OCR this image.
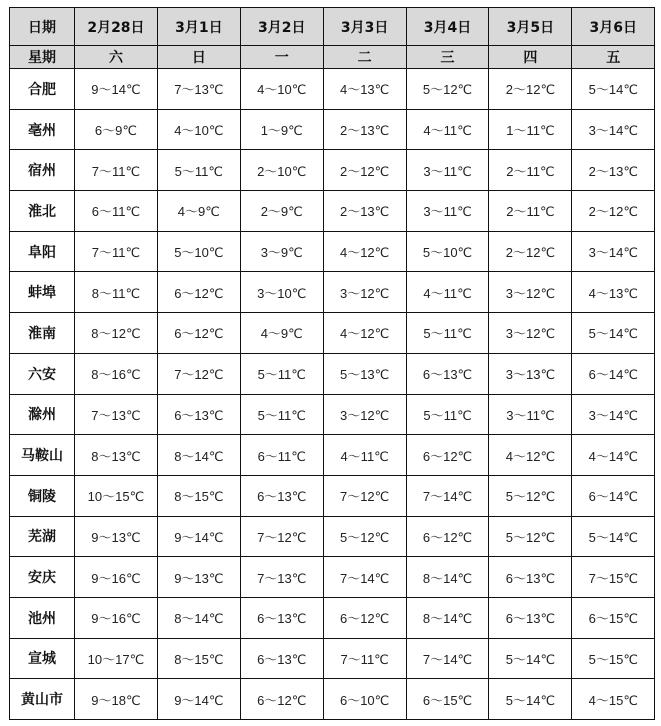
日期	2月28日	3月1日	3月2日	3月3日	3月4日	3月5日	3月6日
星期	六	日	一	二	三	四	五
合肥	9～14℃	7～13℃	4～10℃	4～13℃	5～12℃	2～12℃	5～14℃
亳州	6～9℃	4～10℃	1～9℃	2～13℃	4～11℃	1～11℃	3～14℃
宿州	7～11℃	5～11℃	2～10℃	2～12℃	3～11℃	2～11℃	2～13℃
淮北	6～11℃	4～9℃	2～9℃	2～13℃	3～11℃	2～11℃	2～12℃
阜阳	7～11℃	5～10℃	3～9℃	4～12℃	5～10℃	2～12℃	3～14℃
蚌埠	8～11℃	6～12℃	3～10℃	3～12℃	4～11℃	3～12℃	4～13℃
淮南	8～12℃	6～12℃	4～9℃	4～12℃	5～11℃	3～12℃	5～14℃
六安	8～16℃	7～12℃	5～11℃	5～13℃	6～13℃	3～13℃	6～14℃
滁州	7～13℃	6～13℃	5～11℃	3～12℃	5～11℃	3～11℃	3～14℃
马鞍山	8～13℃	8～14℃	6～11℃	4～11℃	6～12℃	4～12℃	4～14℃
铜陵	10～15℃	8～15℃	6～13℃	7～12℃	7～14℃	5～12℃	6～14℃
芜湖	9～13℃	9～14℃	7～12℃	5～12℃	6～12℃	5～12℃	5～14℃
安庆	9～16℃	9～13℃	7～13℃	7～14℃	8～14℃	6～13℃	7～15℃
池州	9～16℃	8～14℃	6～13℃	6～12℃	8～14℃	6～13℃	6～15℃
宣城	10～17℃	8～15℃	6～13℃	7～11℃	7～14℃	5～14℃	5～15℃
黄山市	9～18℃	9～14℃	6～12℃	6～10℃	6～15℃	5～14℃	4～15℃
